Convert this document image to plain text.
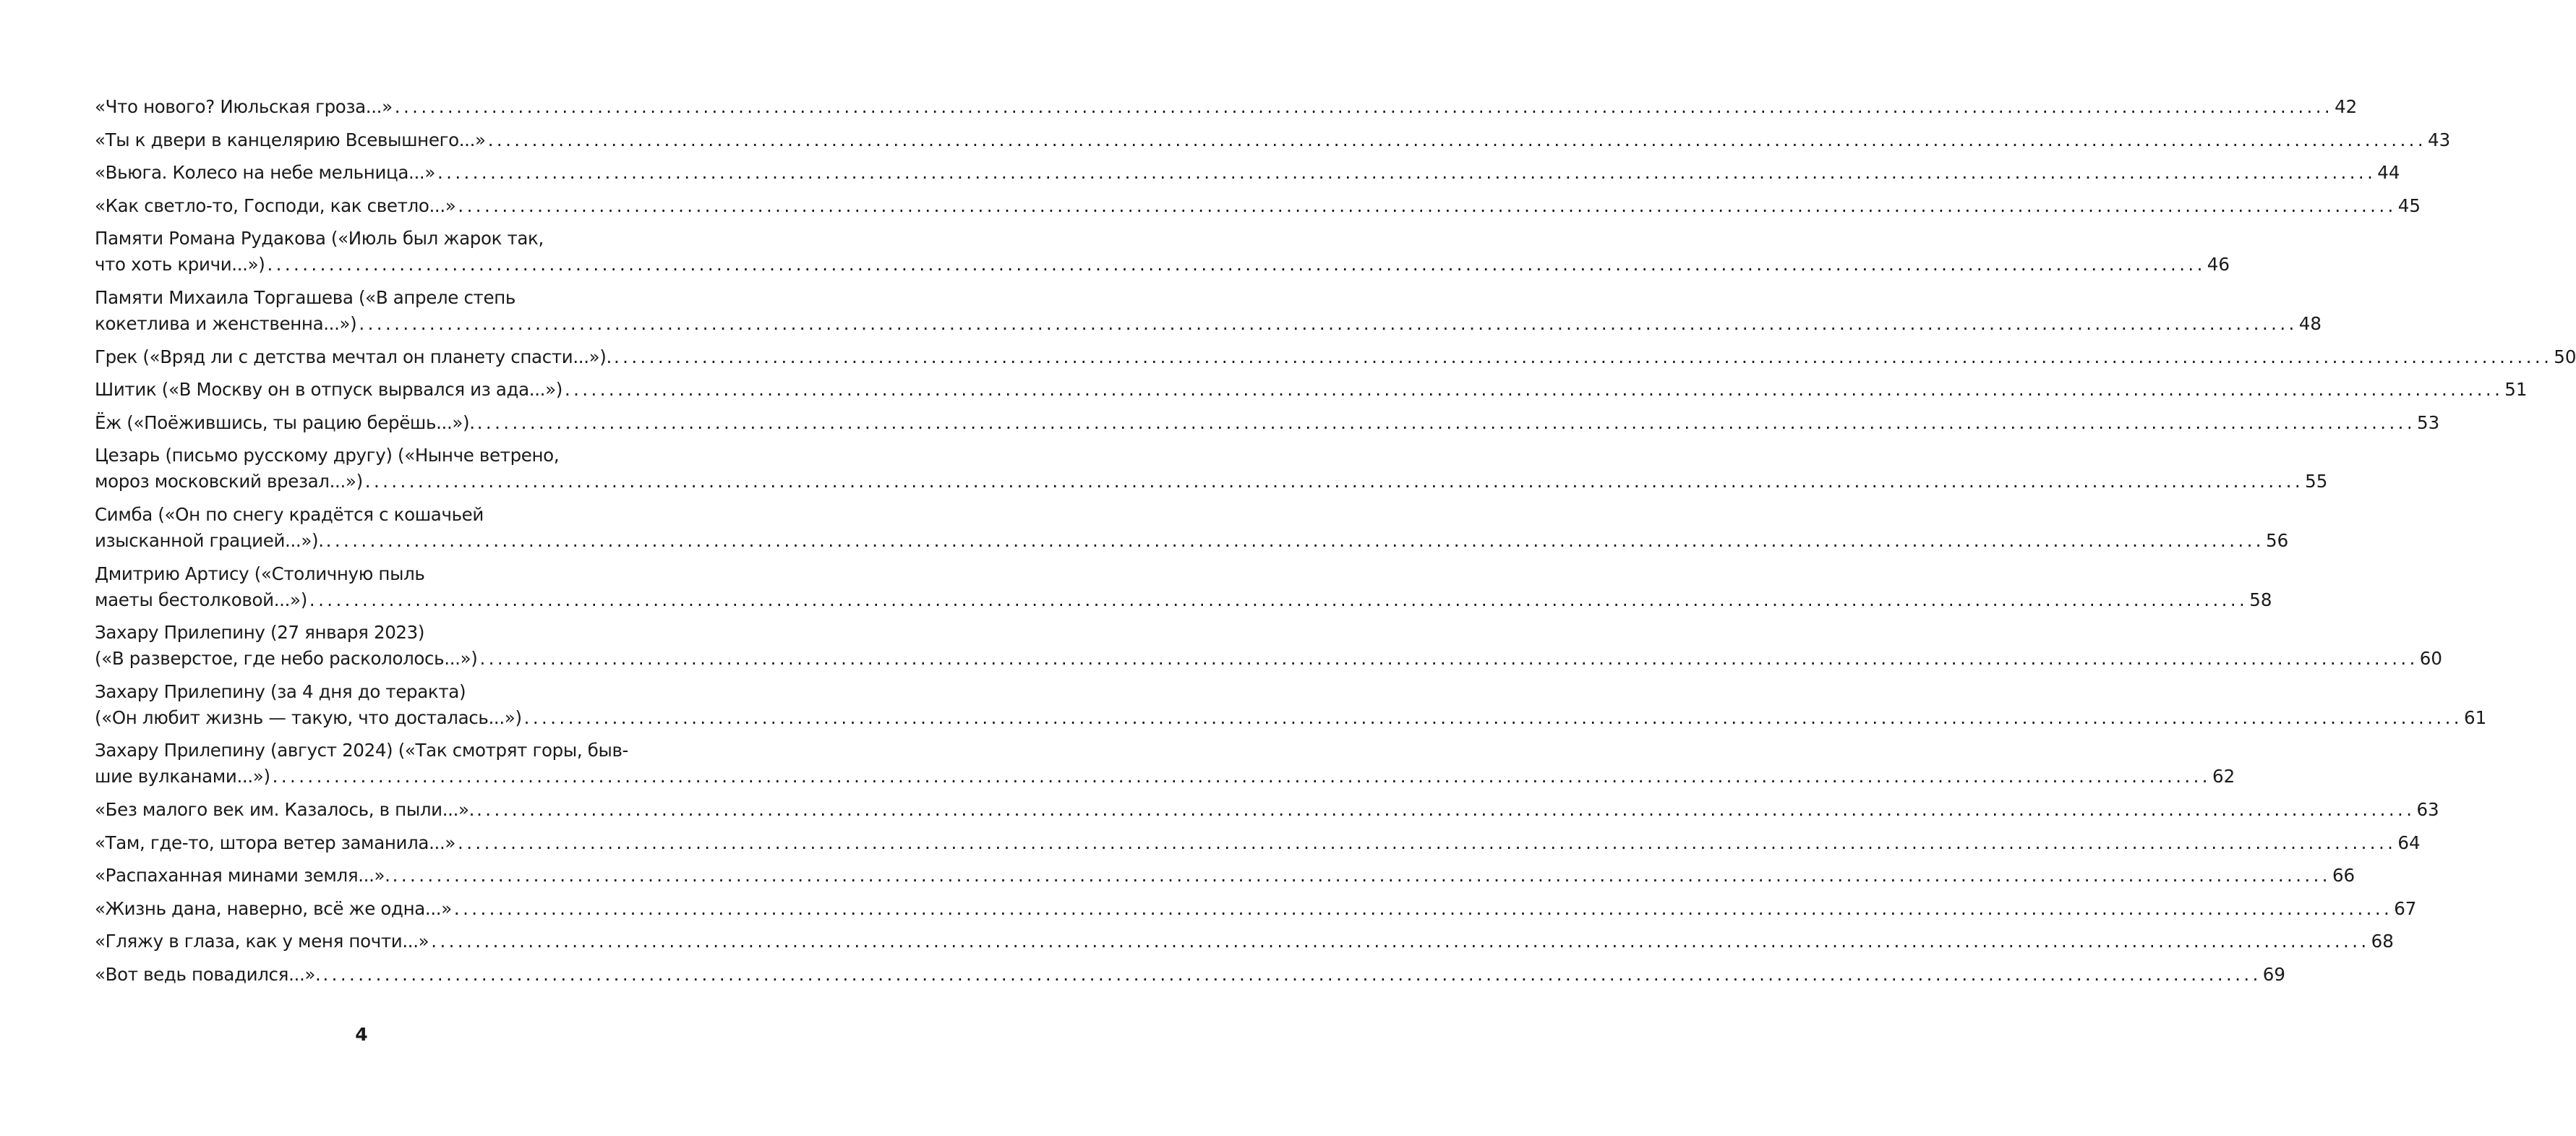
«Что нового? Июльская гроза...» ............................................................................................................................................................................................................................ 42
«Ты к двери в канцелярию Всевышнего...» ............................................................................................................................................................................................................................ 43
«Вьюга. Колесо на небе мельница...» ............................................................................................................................................................................................................................ 44
«Как светло-то, Господи, как светло...» ............................................................................................................................................................................................................................ 45
Памяти Романа Рудакова («Июль был жарок так,
что хоть кричи...») ............................................................................................................................................................................................................................ 46
Памяти Михаила Торгашева («В апреле степь
кокетлива и женственна...») ............................................................................................................................................................................................................................ 48
Грек («Вряд ли с детства мечтал он планету спасти...»). ............................................................................................................................................................................................................................ 50
Шитик («В Москву он в отпуск вырвался из ада...») ............................................................................................................................................................................................................................ 51
Ёж («Поёжившись, ты рацию берёшь...»). ............................................................................................................................................................................................................................ 53
Цезарь (письмо русскому другу) («Нынче ветрено,
мороз московский врезал...») ............................................................................................................................................................................................................................ 55
Симба («Он по снегу крадётся с кошачьей
изысканной грацией...»). ............................................................................................................................................................................................................................ 56
Дмитрию Артису («Столичную пыль
маеты бестолковой...») ............................................................................................................................................................................................................................ 58
Захару Прилепину (27 января 2023)
(«В разверстое, где небо раскололось...») ............................................................................................................................................................................................................................ 60
Захару Прилепину (за 4 дня до теракта)
(«Он любит жизнь — такую, что досталась...») ............................................................................................................................................................................................................................ 61
Захару Прилепину (август 2024) («Так смотрят горы, быв-
шие вулканами...») ............................................................................................................................................................................................................................ 62
«Без малого век им. Казалось, в пыли...». ............................................................................................................................................................................................................................ 63
«Там, где-то, штора ветер заманила...» ............................................................................................................................................................................................................................ 64
«Распаханная минами земля...». ............................................................................................................................................................................................................................ 66
«Жизнь дана, наверно, всё же одна...» ............................................................................................................................................................................................................................ 67
«Гляжу в глаза, как у меня почти...» ............................................................................................................................................................................................................................ 68
«Вот ведь повадился...». ............................................................................................................................................................................................................................ 69
4
